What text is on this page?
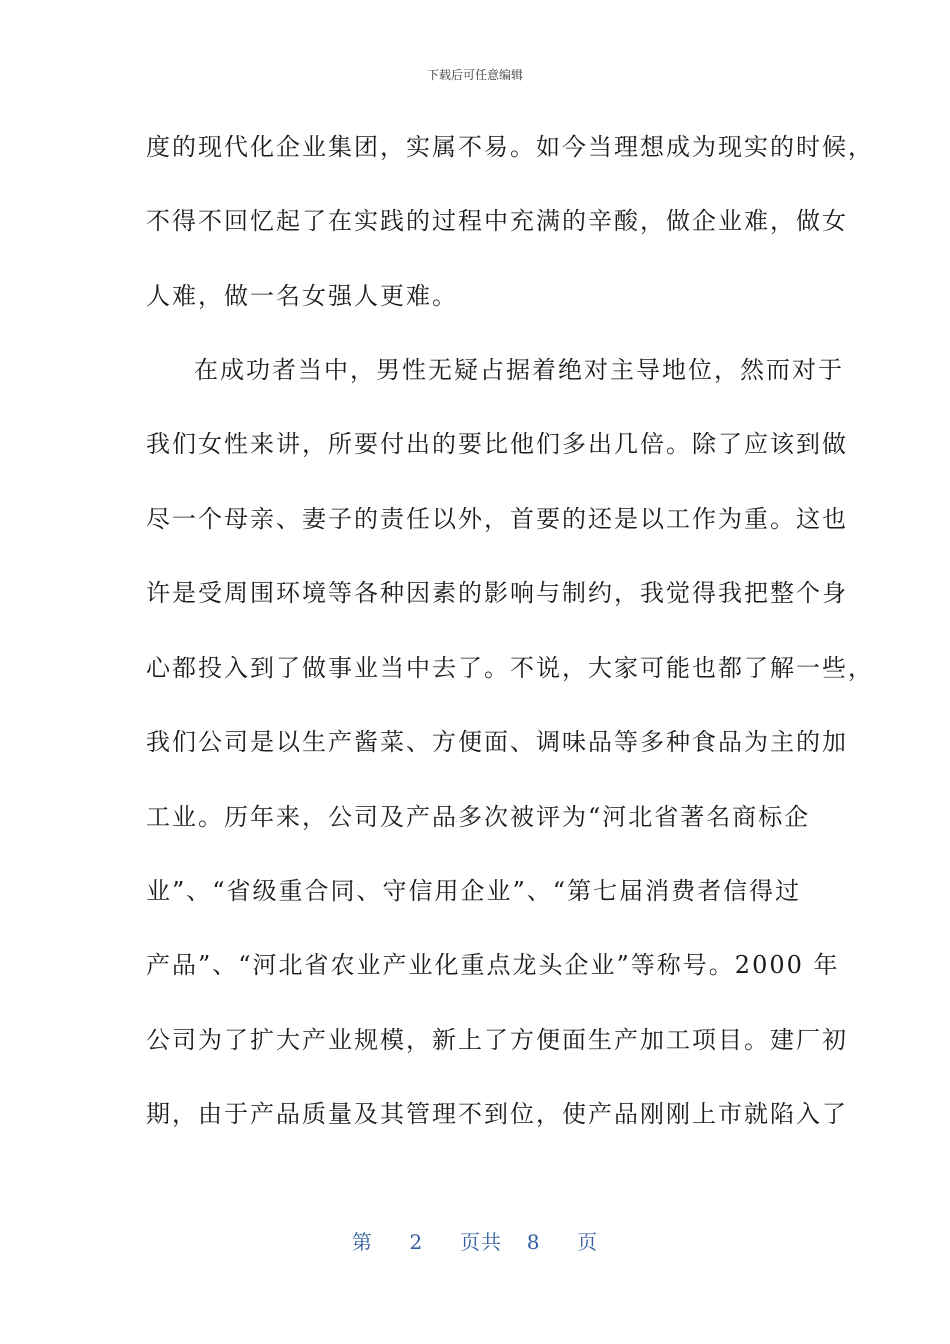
下载后可任意编辑
度的现代化企业集团，实属不易。如今当理想成为现实的时候，
不得不回忆起了在实践的过程中充满的辛酸，做企业难，做女
人难，做一名女强人更难。
在成功者当中，男性无疑占据着绝对主导地位，然而对于
我们女性来讲，所要付出的要比他们多出几倍。除了应该到做
尽一个母亲、妻子的责任以外，首要的还是以工作为重。这也
许是受周围环境等各种因素的影响与制约，我觉得我把整个身
心都投入到了做事业当中去了。不说，大家可能也都了解一些，
我们公司是以生产酱菜、方便面、调味品等多种食品为主的加
工业。历年来，公司及产品多次被评为“河北省著名商标企
业”、“省级重合同、守信用企业”、“第七届消费者信得过
产品”、“河北省农业产业化重点龙头企业”等称号。2000 年
公司为了扩大产业规模，新上了方便面生产加工项目。建厂初
期，由于产品质量及其管理不到位，使产品刚刚上市就陷入了
第 2 页共 8 页
